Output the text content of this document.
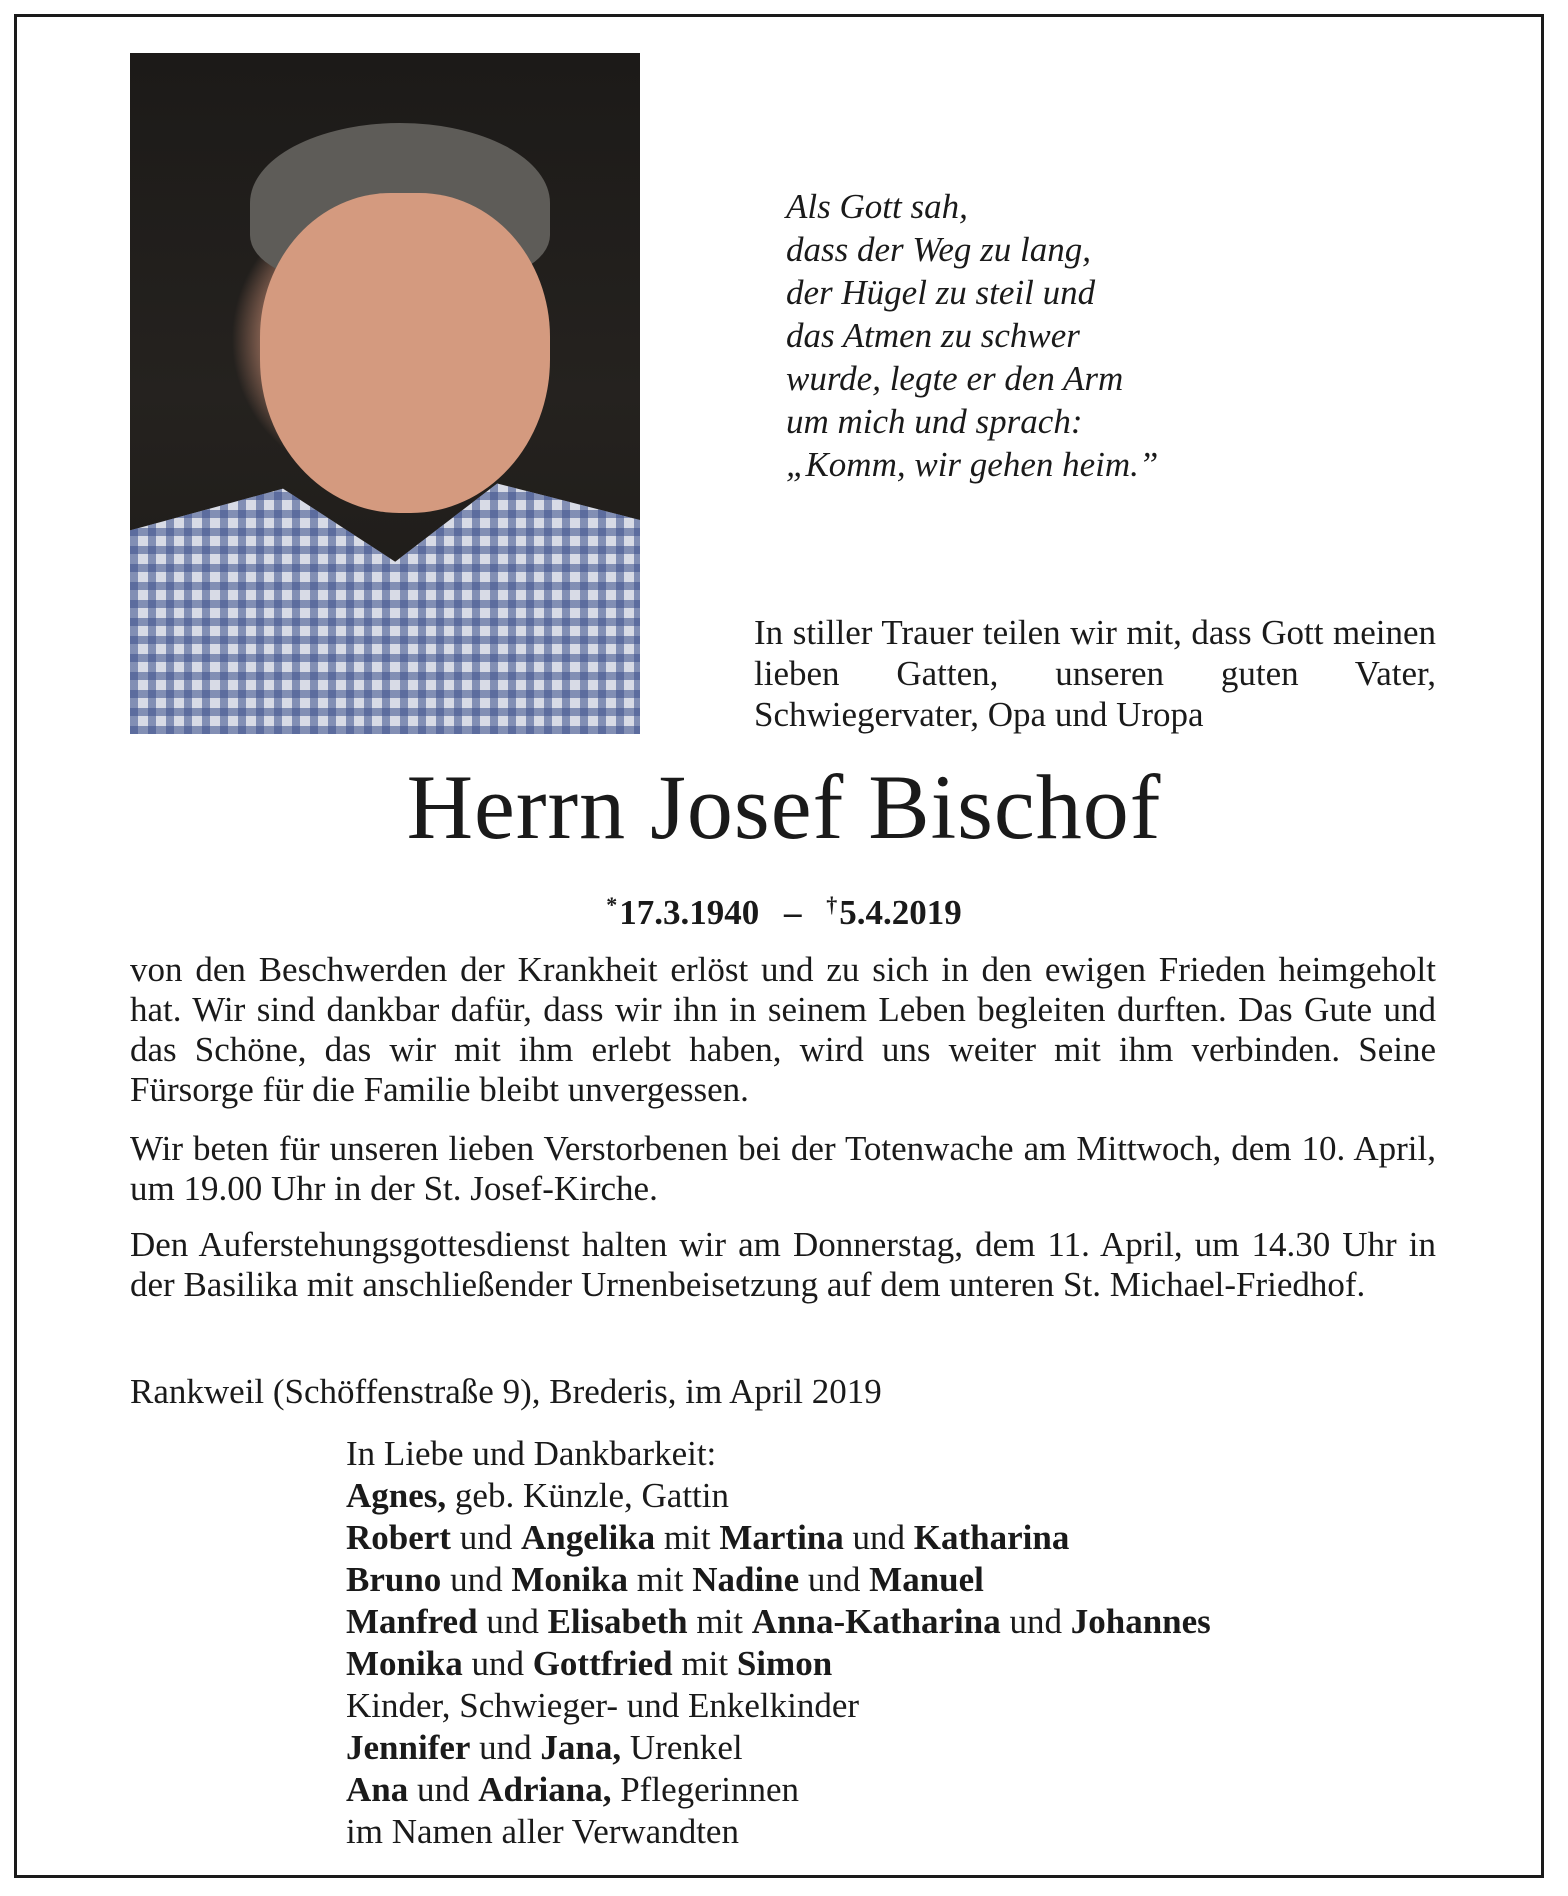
Als Gott sah,
dass der Weg zu lang,
der Hügel zu steil und
das Atmen zu schwer
wurde, legte er den Arm
um mich und sprach:
„Komm, wir gehen heim.”
In stiller Trauer teilen wir mit, dass Gott meinen lieben Gatten, unseren guten Vater, Schwiegervater, Opa und Uropa
Herrn Josef Bischof
*17.3.1940 – †5.4.2019
von den Beschwerden der Krankheit erlöst und zu sich in den ewigen Frieden heimgeholt hat. Wir sind dankbar dafür, dass wir ihn in seinem Leben begleiten durften. Das Gute und das Schöne, das wir mit ihm erlebt haben, wird uns weiter mit ihm verbinden. Seine Fürsorge für die Familie bleibt unvergessen.
Wir beten für unseren lieben Verstorbenen bei der Totenwache am Mittwoch, dem 10. April, um 19.00 Uhr in der St. Josef-Kirche.
Den Auferstehungsgottesdienst halten wir am Donnerstag, dem 11. April, um 14.30 Uhr in der Basilika mit anschließender Urnenbeisetzung auf dem unteren St. Michael-Friedhof.
Rankweil (Schöffenstraße 9), Brederis, im April 2019
In Liebe und Dankbarkeit:
Agnes, geb. Künzle, Gattin
Robert und Angelika mit Martina und Katharina
Bruno und Monika mit Nadine und Manuel
Manfred und Elisabeth mit Anna-Katharina und Johannes
Monika und Gottfried mit Simon
Kinder, Schwieger- und Enkelkinder
Jennifer und Jana, Urenkel
Ana und Adriana, Pflegerinnen
im Namen aller Verwandten
